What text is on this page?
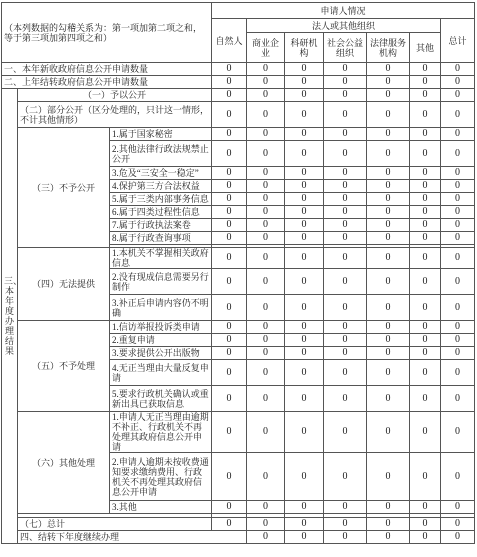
（本列数据的勾稽关系为：第一项加第二项之和，等于第三项加第四项之和）			申请人情况							
			自然人	法人或其他组织					总计	
				商业企业	科研机构	社会公益组织	法律服务机构	其他		
一、本年新收政府信息公开申请数量			0	0	0	0	0	0	0	
二、上年结转政府信息公开申请数量			0	0	0	0	0	0	0	
三、本年度办理结果	（一）予以公开		0	0	0	0	0	0	0	
	（二）部分公开（区分处理的，只计这一情形，不计其他情形）		0	0	0	0	0	0	0	
	（三）不予公开	1.属于国家秘密	0	0	0	0	0	0	0	
		2.其他法律行政法规禁止公开	0	0	0	0	0	0	0	
		3.危及“三安全一稳定”	0	0	0	0	0	0	0	
		4.保护第三方合法权益	0	0	0	0	0	0	0	
		5.属于三类内部事务信息	0	0	0	0	0	0	0	
		6.属于四类过程性信息	0	0	0	0	0	0	0	
		7.属于行政执法案卷	0	0	0	0	0	0	0	
		8.属于行政查询事项	0	0	0	0	0	0	0	

	（四）无法提供	1.本机关不掌握相关政府信息	0	0	0	0	0	0	0	
		2.没有现成信息需要另行制作	0	0	0	0	0	0	0	
		3.补正后申请内容仍不明确	0	0	0	0	0	0	0	
	（五）不予处理	1.信访举报投诉类申请	0	0	0	0	0	0	0	
		2.重复申请	0	0	0	0	0	0	0	
		3.要求提供公开出版物	0	0	0	0	0	0	0	
		4.无正当理由大量反复申请	0	0	0	0	0	0	0	
		5.要求行政机关确认或重新出具已获取信息	0	0	0	0	0	0	0	
	（六）其他处理	1.申请人无正当理由逾期不补正、行政机关不再处理其政府信息公开申请	0	0	0	0	0	0	0	
		2.申请人逾期未按收费通知要求缴纳费用、行政机关不再处理其政府信息公开申请	0	0	0	0	0	0	0	
		3.其他	0	0	0	0	0	0	0	

	（七）总计		0	0	0	0	0	0	0	
	四、结转下年度继续办理			0	0	0	0	0	0	
